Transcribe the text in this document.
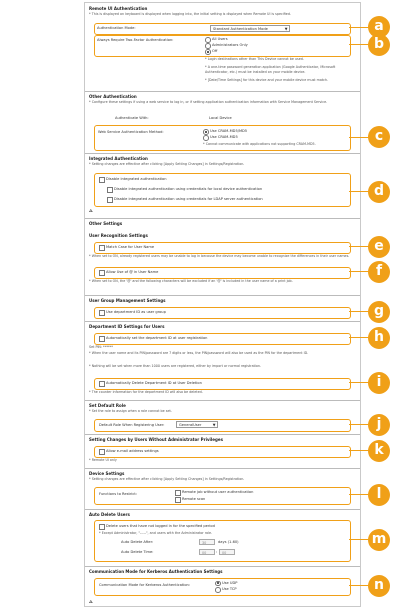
Remote UI Authentication
* This is displayed on keyboard is displayed when logging into, the initial setting is displayed when Remote UI is specified.
Authentication Mode:	Standard Authentication Mode	▼
Always Require Two-Factor Authentication:	All Users
Administrators Only
Off
* Login destinations other than This Device cannot be used.
* A one-time password generation application (Google Authenticator, Microsoft Authenticator, etc.) must be installed on your mobile device.
* [Date/Time Settings] for this device and your mobile device must match.
Other Authentication
* Configure these settings if using a web service to log in, or if setting application authentication information with Service Management Service.
Authenticate With:	Local Device
Web Service Authentication Method:	Use CRAM-MD5/MD5
Use CRAM-MD5
* Cannot communicate with applications not supporting CRAM-MD5.
Integrated Authentication
* Setting changes are effective after clicking [Apply Setting Changes] in Settings/Registration.
Disable integrated authentication
Disable integrated authentication using credentials for local device authentication
Disable integrated authentication using credentials for LDAP server authentication
⩟
Other Settings
User Recognition Settings
Match Case for User Name
* When set to ON, already registered users may be unable to log in because the device may become unable to recognize the differences in their user names.
Allow Use of @ in User Name
* When set to ON, the '@' and the following characters will be excluded if an '@' is included in the user name of a print job.
User Group Management Settings
Use department ID as user group
Department ID Settings for Users
Automatically set the department ID at user registration
Set PIN: ******
* When the user name and its PIN/password are 7 digits or less, the PIN/password will also be used as the PIN for the department ID.
* Nothing will be set when more than 1000 users are registered, either by import or normal registration.
Automatically Delete Department ID at User Deletion
* The counter information for the department ID will also be deleted.
Set Default Role
* Set the role to assign when a role cannot be set.
Default Role When Registering User:	GeneralUser	▼
Setting Changes by Users Without Administrator Privileges
Allow e-mail address settings
* Remote UI only
Device Settings
* Setting changes are effective after clicking [Apply Setting Changes] in Settings/Registration.
Functions to Restrict:	Remote job without user authentication
Remote scan
Auto Delete Users
Delete users that have not logged in for the specified period
* Except Administrator, "-----", and users with the Administrator role.
Auto Delete After:	30	days (1-60)
Auto Delete Time:	00	:	00
Communication Mode for Kerberos Authentication Settings
Communication Mode for Kerberos Authentication:
Use UDP
Use TCP
⩟
a
b
c
d
e
f
g
h
i
j
k
l
m
n
